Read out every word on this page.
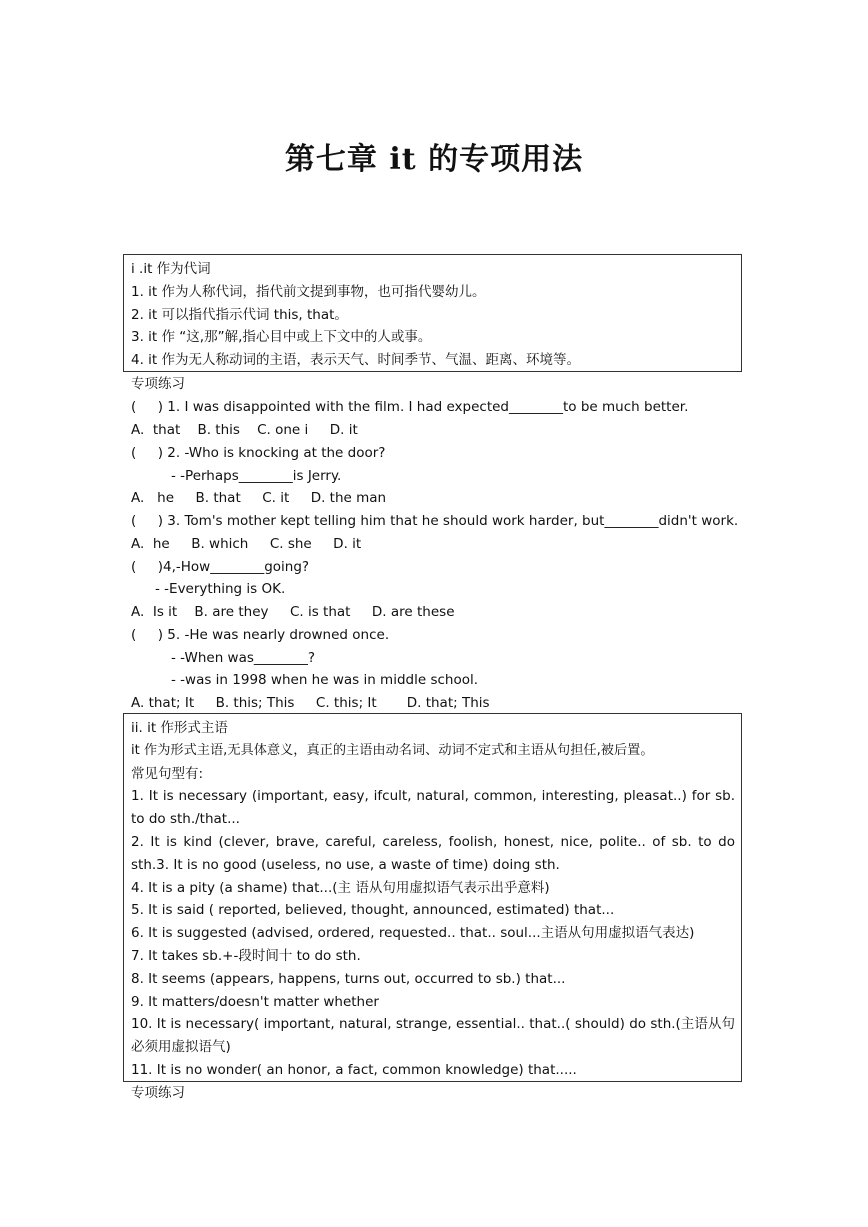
第七章 it 的专项用法
i .it 作为代词
1. it 作为人称代词，指代前文提到事物，也可指代婴幼儿。
2. it 可以指代指示代词 this, that。
3. it 作 “这,那”解,指心目中或上下文中的人或事。
4. it 作为无人称动词的主语，表示天气、时间季节、气温、距离、环境等。
专项练习
(     ) 1. I was disappointed with the film. I had expected________to be much better.
A.  that    B. this    C. one i     D. it
(     ) 2. -Who is knocking at the door?
- -Perhaps________is Jerry.
A.   he     B. that     C. it     D. the man
(     ) 3. Tom's mother kept telling him that he should work harder, but________didn't work.
A.  he     B. which     C. she     D. it
(     )4,-How________going?
- -Everything is OK.
A.  Is it    B. are they     C. is that     D. are these
(     ) 5. -He was nearly drowned once.
- -When was________?
- -was in 1998 when he was in middle school.
A. that; It     B. this; This     C. this; It       D. that; This
ii. it 作形式主语
it 作为形式主语,无具体意义，真正的主语由动名词、动词不定式和主语从句担任,被后置。
常见句型有:
1. It is necessary (important, easy, ifcult, natural, common, interesting, pleasat..) for sb. to do sth./that...
2. It is kind (clever, brave, careful, careless, foolish, honest, nice, polite.. of sb. to do sth.3. It is no good (useless, no use, a waste of time) doing sth.
4. It is a pity (a shame) that...(主 语从句用虚拟语气表示出乎意料)
5. It is said ( reported, believed, thought, announced, estimated) that...
6. It is suggested (advised, ordered, requested.. that.. soul...主语从句用虚拟语气表达)
7. It takes sb.+-段时间十 to do sth.
8. It seems (appears, happens, turns out, occurred to sb.) that...
9. It matters/doesn't matter whether
10. It is necessary( important, natural, strange, essential.. that..( should) do sth.(主语从句必须用虚拟语气)
11. It is no wonder( an honor, a fact, common knowledge) that.....
专项练习
